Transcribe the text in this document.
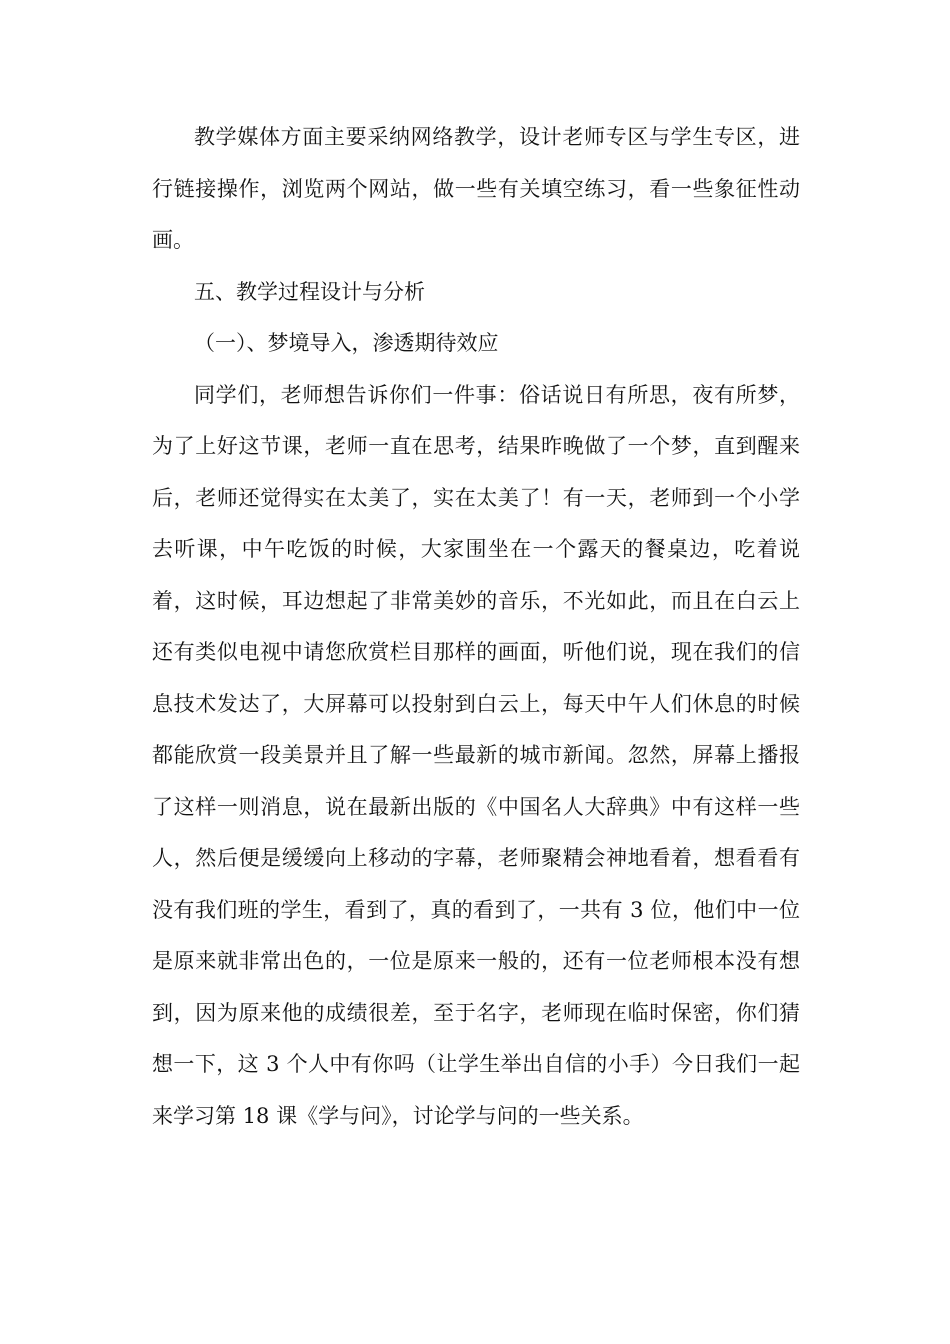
教学媒体方面主要采纳网络教学，设计老师专区与学生专区，进行链接操作，浏览两个网站，做一些有关填空练习，看一些象征性动画。

五、教学过程设计与分析

（一）、梦境导入，渗透期待效应

同学们，老师想告诉你们一件事：俗话说日有所思，夜有所梦，为了上好这节课，老师一直在思考，结果昨晚做了一个梦，直到醒来后，老师还觉得实在太美了，实在太美了！有一天，老师到一个小学去听课，中午吃饭的时候，大家围坐在一个露天的餐桌边，吃着说着，这时候，耳边想起了非常美妙的音乐，不光如此，而且在白云上还有类似电视中请您欣赏栏目那样的画面，听他们说，现在我们的信息技术发达了，大屏幕可以投射到白云上，每天中午人们休息的时候都能欣赏一段美景并且了解一些最新的城市新闻。忽然，屏幕上播报了这样一则消息，说在最新出版的《中国名人大辞典》中有这样一些人，然后便是缓缓向上移动的字幕，老师聚精会神地看着，想看看有没有我们班的学生，看到了，真的看到了，一共有 3 位，他们中一位是原来就非常出色的，一位是原来一般的，还有一位老师根本没有想到，因为原来他的成绩很差，至于名字，老师现在临时保密，你们猜想一下，这 3 个人中有你吗（让学生举出自信的小手）今日我们一起来学习第 18 课《学与问》，讨论学与问的一些关系。
